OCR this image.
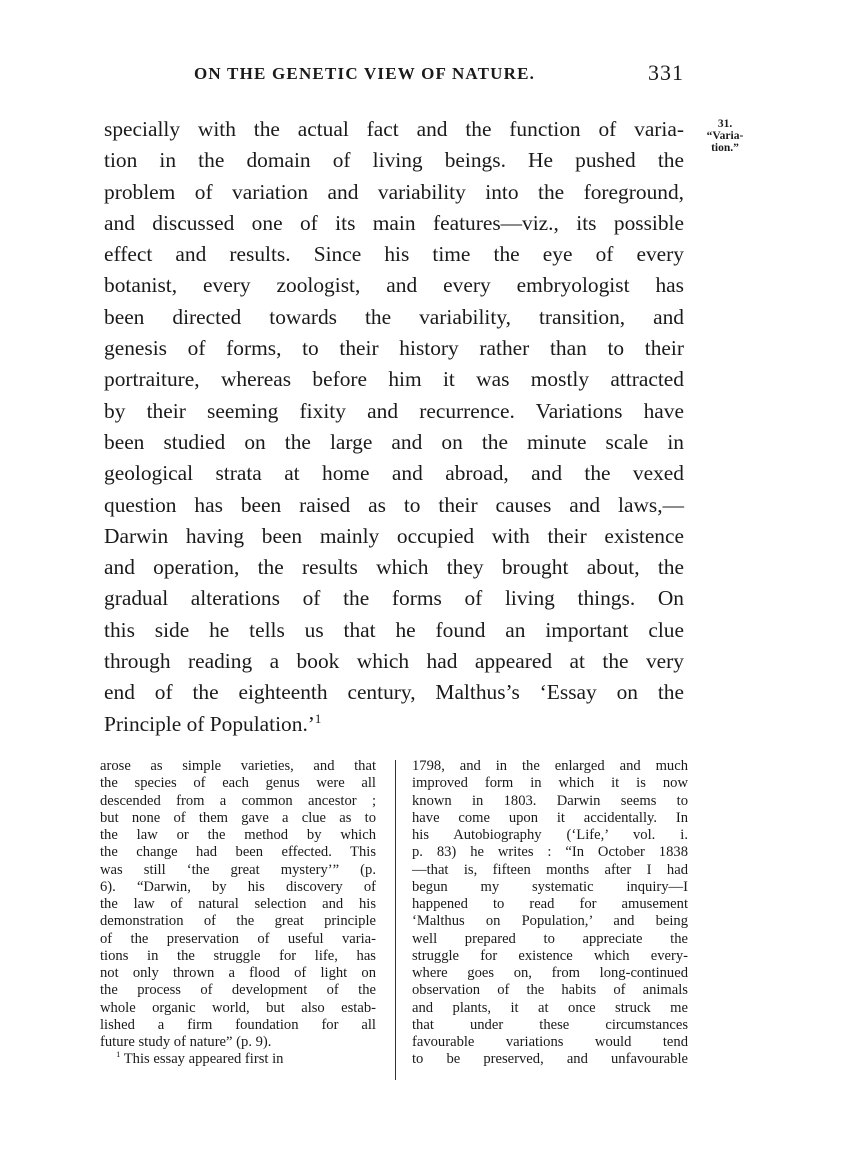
ON THE GENETIC VIEW OF NATURE.	331
31.
“Varia-
tion.”
specially with the actual fact and the function of varia-
tion in the domain of living beings. He pushed the
problem of variation and variability into the foreground,
and discussed one of its main features—viz., its possible
effect and results. Since his time the eye of every
botanist, every zoologist, and every embryologist has
been directed towards the variability, transition, and
genesis of forms, to their history rather than to their
portraiture, whereas before him it was mostly attracted
by their seeming fixity and recurrence. Variations have
been studied on the large and on the minute scale in
geological strata at home and abroad, and the vexed
question has been raised as to their causes and laws,—
Darwin having been mainly occupied with their existence
and operation, the results which they brought about, the
gradual alterations of the forms of living things. On
this side he tells us that he found an important clue
through reading a book which had appeared at the very
end of the eighteenth century, Malthus’s ‘Essay on the
Principle of Population.’$^1$
arose as simple varieties, and that
the species of each genus were all
descended from a common ancestor ;
but none of them gave a clue as to
the law or the method by which
the change had been effected. This
was still ‘the great mystery’” (p.
6). “Darwin, by his discovery of
the law of natural selection and his
demonstration of the great principle
of the preservation of useful varia-
tions in the struggle for life, has
not only thrown a flood of light on
the process of development of the
whole organic world, but also estab-
lished a firm foundation for all
future study of nature” (p. 9).
$^1$ This essay appeared first in
1798, and in the enlarged and much
improved form in which it is now
known in 1803. Darwin seems to
have come upon it accidentally. In
his Autobiography (‘Life,’ vol. i.
p. 83) he writes : “In October 1838
—that is, fifteen months after I had
begun my systematic inquiry—I
happened to read for amusement
‘Malthus on Population,’ and being
well prepared to appreciate the
struggle for existence which every-
where goes on, from long-continued
observation of the habits of animals
and plants, it at once struck me
that under these circumstances
favourable variations would tend
to be preserved, and unfavourable
